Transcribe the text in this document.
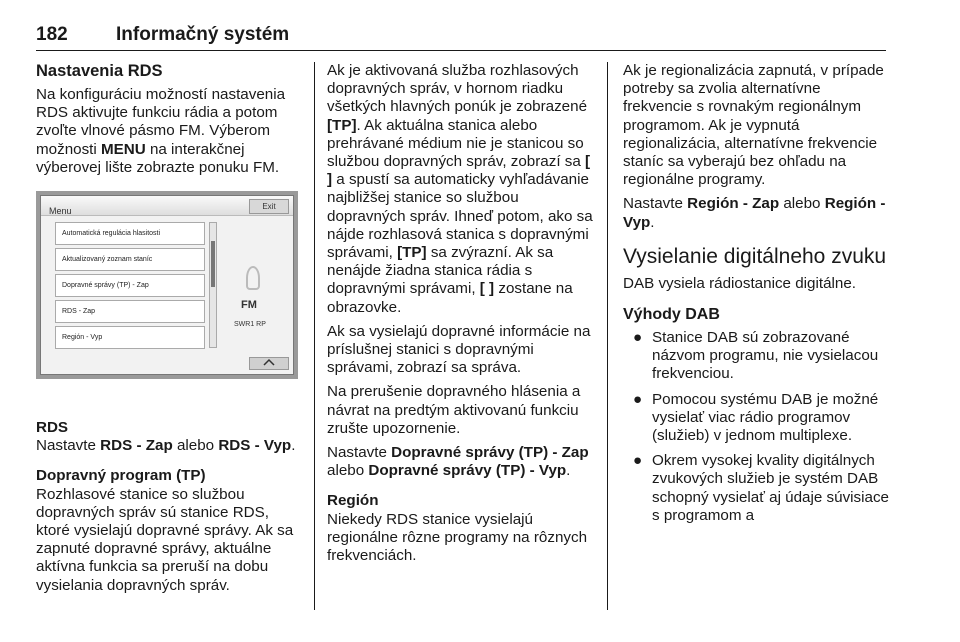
182	Informačný systém
Nastavenia RDS

Na konfiguráciu možností nastavenia RDS aktivujte funkciu rádia a potom zvoľte vlnové pásmo FM. Výberom možnosti MENU na interakčnej výberovej lište zobrazte ponuku FM.

Menu	Exit
Automatická regulácia hlasitosti
Aktualizovaný zoznam staníc
Dopravné správy (TP) - Zap
RDS - Zap
Región - Vyp
FM
SWR1 RP
RDS

Nastavte RDS - Zap alebo RDS - Vyp.

Dopravný program (TP)

Rozhlasové stanice so službou dopravných správ sú stanice RDS, ktoré vysielajú dopravné správy. Ak sa zapnuté dopravné správy, aktuálne aktívna funkcia sa preruší na dobu vysielania dopravných správ.

Ak je aktivovaná služba rozhlasových dopravných správ, v hornom riadku všetkých hlavných ponúk je zobrazené [TP]. Ak aktuálna stanica alebo prehrávané médium nie je stanicou so službou dopravných správ, zobrazí sa [ ] a spustí sa automaticky vyhľadávanie najbližšej stanice so službou dopravných správ. Ihneď potom, ako sa nájde rozhlasová stanica s dopravnými správami, [TP] sa zvýrazní. Ak sa nenájde žiadna stanica rádia s dopravnými správami, [ ] zostane na obrazovke.

Ak sa vysielajú dopravné informácie na príslušnej stanici s dopravnými správami, zobrazí sa správa.

Na prerušenie dopravného hlásenia a návrat na predtým aktivovanú funkciu zrušte upozornenie.

Nastavte Dopravné správy (TP) - Zap alebo Dopravné správy (TP) - Vyp.

Región

Niekedy RDS stanice vysielajú regionálne rôzne programy na rôznych frekvenciách.

Ak je regionalizácia zapnutá, v prípade potreby sa zvolia alternatívne frekvencie s rovnakým regionálnym programom. Ak je vypnutá regionalizácia, alternatívne frekvencie staníc sa vyberajú bez ohľadu na regionálne programy.

Nastavte Región - Zap alebo Región - Vyp.

Vysielanie digitálneho zvuku

DAB vysiela rádiostanice digitálne.

Výhody DAB
● Stanice DAB sú zobrazované názvom programu, nie vysielacou frekvenciou.
● Pomocou systému DAB je možné vysielať viac rádio programov (služieb) v jednom multiplexe.
● Okrem vysokej kvality digitálnych zvukových služieb je systém DAB schopný vysielať aj údaje súvisiace s programom a
